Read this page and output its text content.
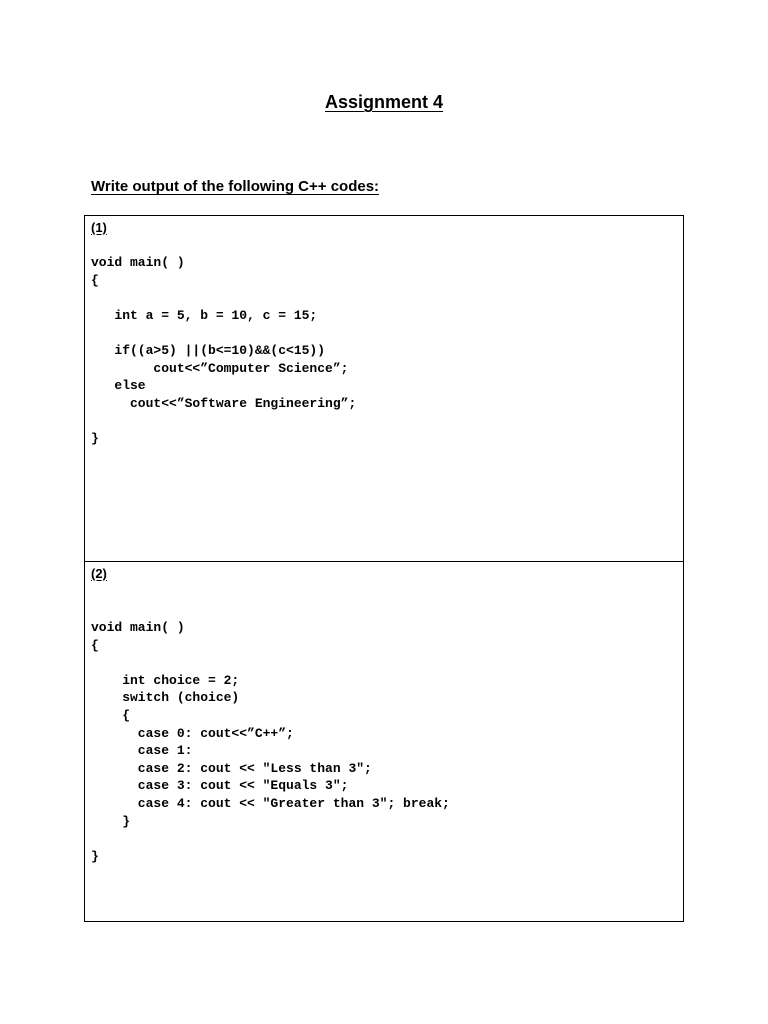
Assignment 4
Write output of the following C++ codes:
(1)
void main( )
{
int a = 5, b = 10, c = 15;
if((a>5) ||(b<=10)&&(c<15))
cout<<”Computer Science”;
else
cout<<”Software Engineering”;
}
(2)
void main( )
{
int choice = 2;
switch (choice)
{
case 0: cout<<”C++”;
case 1:
case 2: cout << "Less than 3";
case 3: cout << "Equals 3";
case 4: cout << "Greater than 3"; break;
}
}
